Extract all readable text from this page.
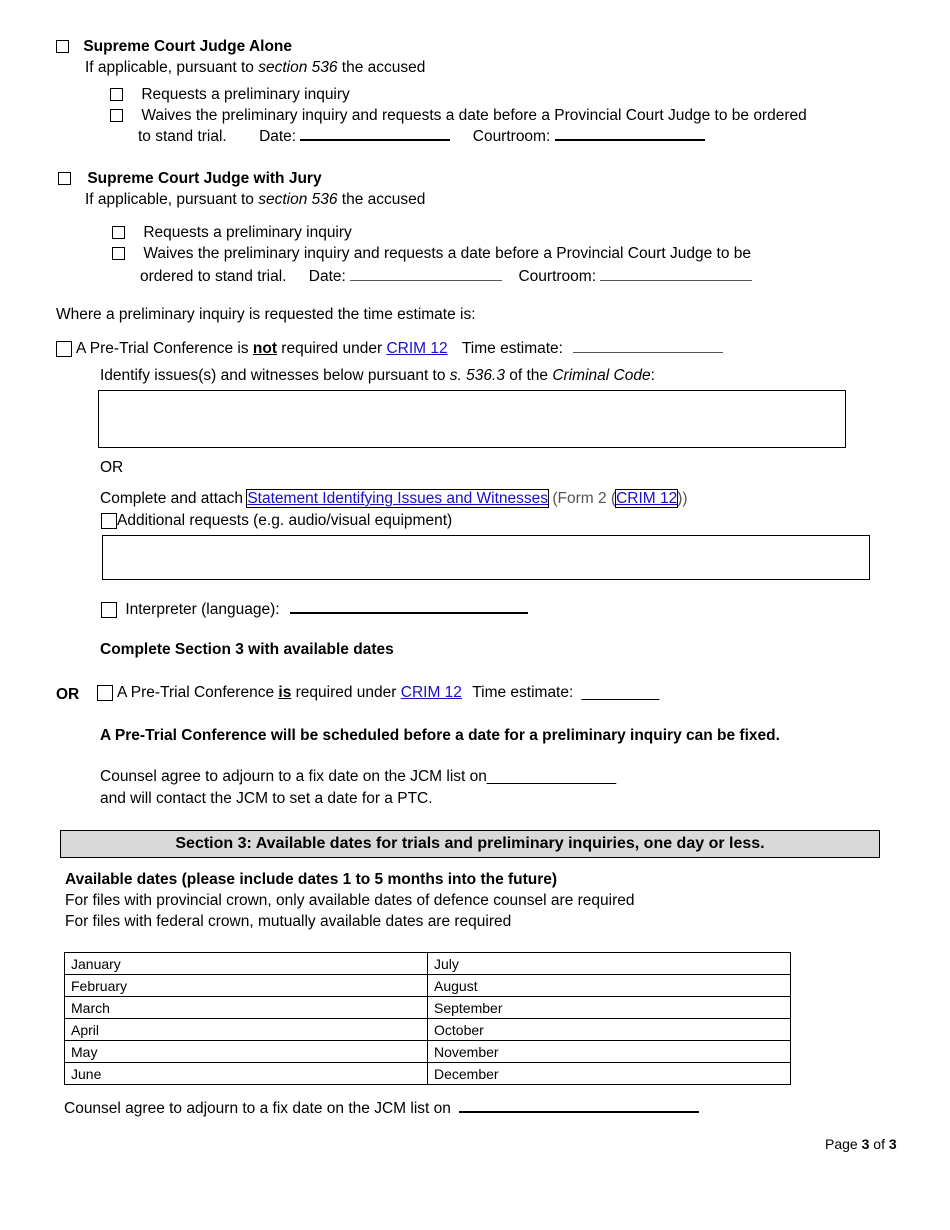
Supreme Court Judge Alone
If applicable, pursuant to section 536 the accused
Requests a preliminary inquiry
Waives the preliminary inquiry and requests a date before a Provincial Court Judge to be ordered
to stand trial. Date:	Courtroom:
Supreme Court Judge with Jury
If applicable, pursuant to section 536 the accused
Requests a preliminary inquiry
Waives the preliminary inquiry and requests a date before a Provincial Court Judge to be
ordered to stand trial. Date:	Courtroom:
Where a preliminary inquiry is requested the time estimate is:
A Pre-Trial Conference is not required under CRIM 12 Time estimate:
Identify issues(s) and witnesses below pursuant to s. 536.3 of the Criminal Code:
OR
Complete and attach Statement Identifying Issues and Witnesses (Form 2 (CRIM 12))
Additional requests (e.g. audio/visual equipment)
Interpreter (language):
Complete Section 3 with available dates
OR	A Pre-Trial Conference is required under CRIM 12 Time estimate: _________
A Pre-Trial Conference will be scheduled before a date for a preliminary inquiry can be fixed.
Counsel agree to adjourn to a fix date on the JCM list on_______________
and will contact the JCM to set a date for a PTC.
Section 3: Available dates for trials and preliminary inquiries, one day or less.
Available dates (please include dates 1 to 5 months into the future)
For files with provincial crown, only available dates of defence counsel are required
For files with federal crown, mutually available dates are required
January	July
February	August
March	September
April	October
May	November
June	December
Counsel agree to adjourn to a fix date on the JCM list on
Page 3 of 3
